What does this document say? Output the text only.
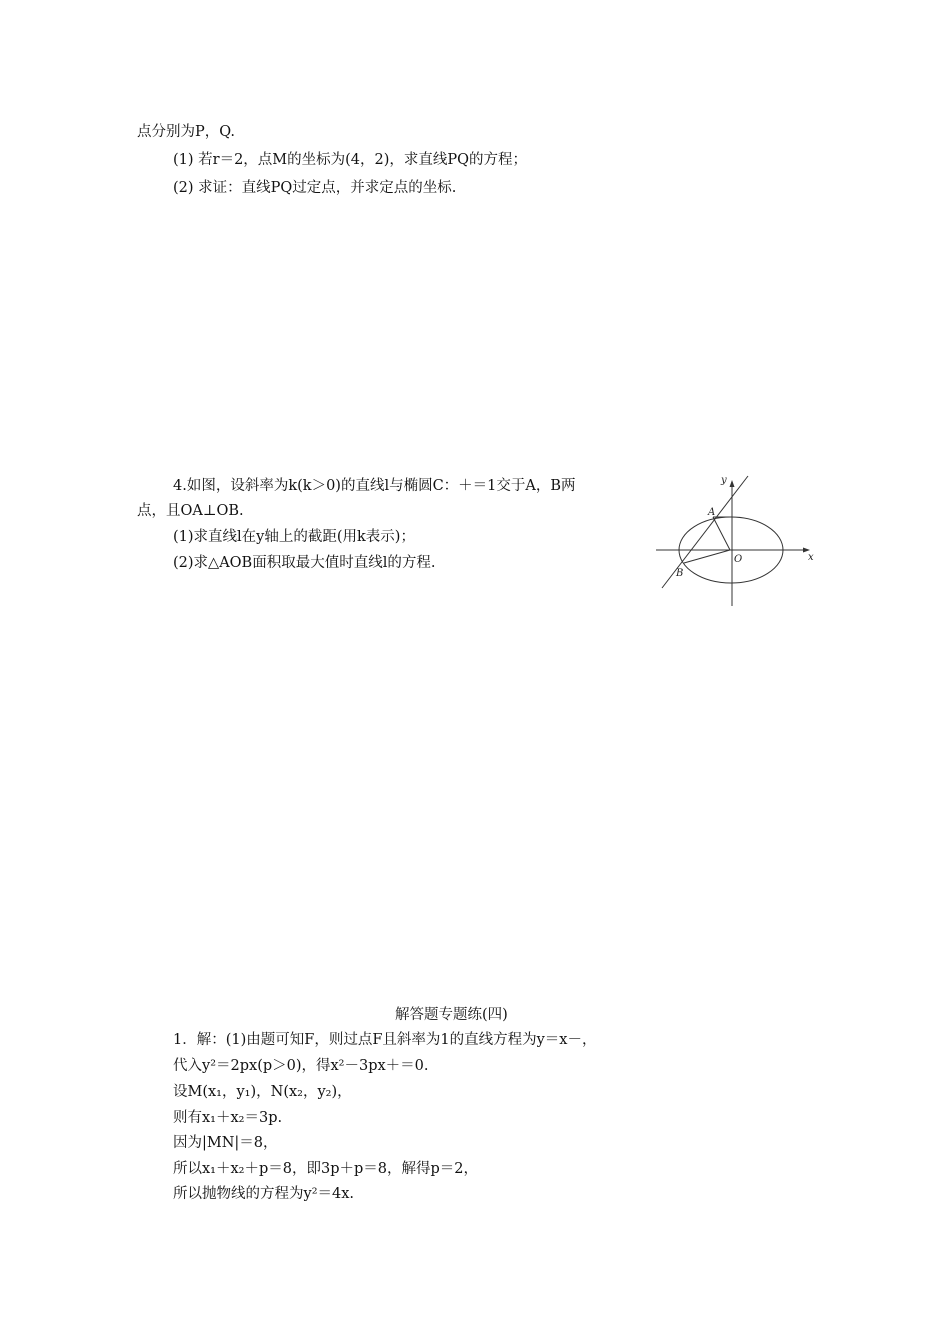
点分别为P，Q.
(1) 若r＝2，点M的坐标为(4，2)，求直线PQ的方程；
(2) 求证：直线PQ过定点，并求定点的坐标.
4.如图，设斜率为k(k＞0)的直线l与椭圆C：＋＝1交于A，B两
点，且OA⊥OB.
(1)求直线l在y轴上的截距(用k表示)；
(2)求△AOB面积取最大值时直线l的方程.
y
x
A
B
O
解答题专题练(四)
1．解：(1)由题可知F，则过点F且斜率为1的直线方程为y＝x－，
代入y²＝2px(p＞0)，得x²－3px＋＝0.
设M(x₁，y₁)，N(x₂，y₂)，
则有x₁＋x₂＝3p.
因为|MN|＝8，
所以x₁＋x₂＋p＝8，即3p＋p＝8，解得p＝2，
所以抛物线的方程为y²＝4x.
